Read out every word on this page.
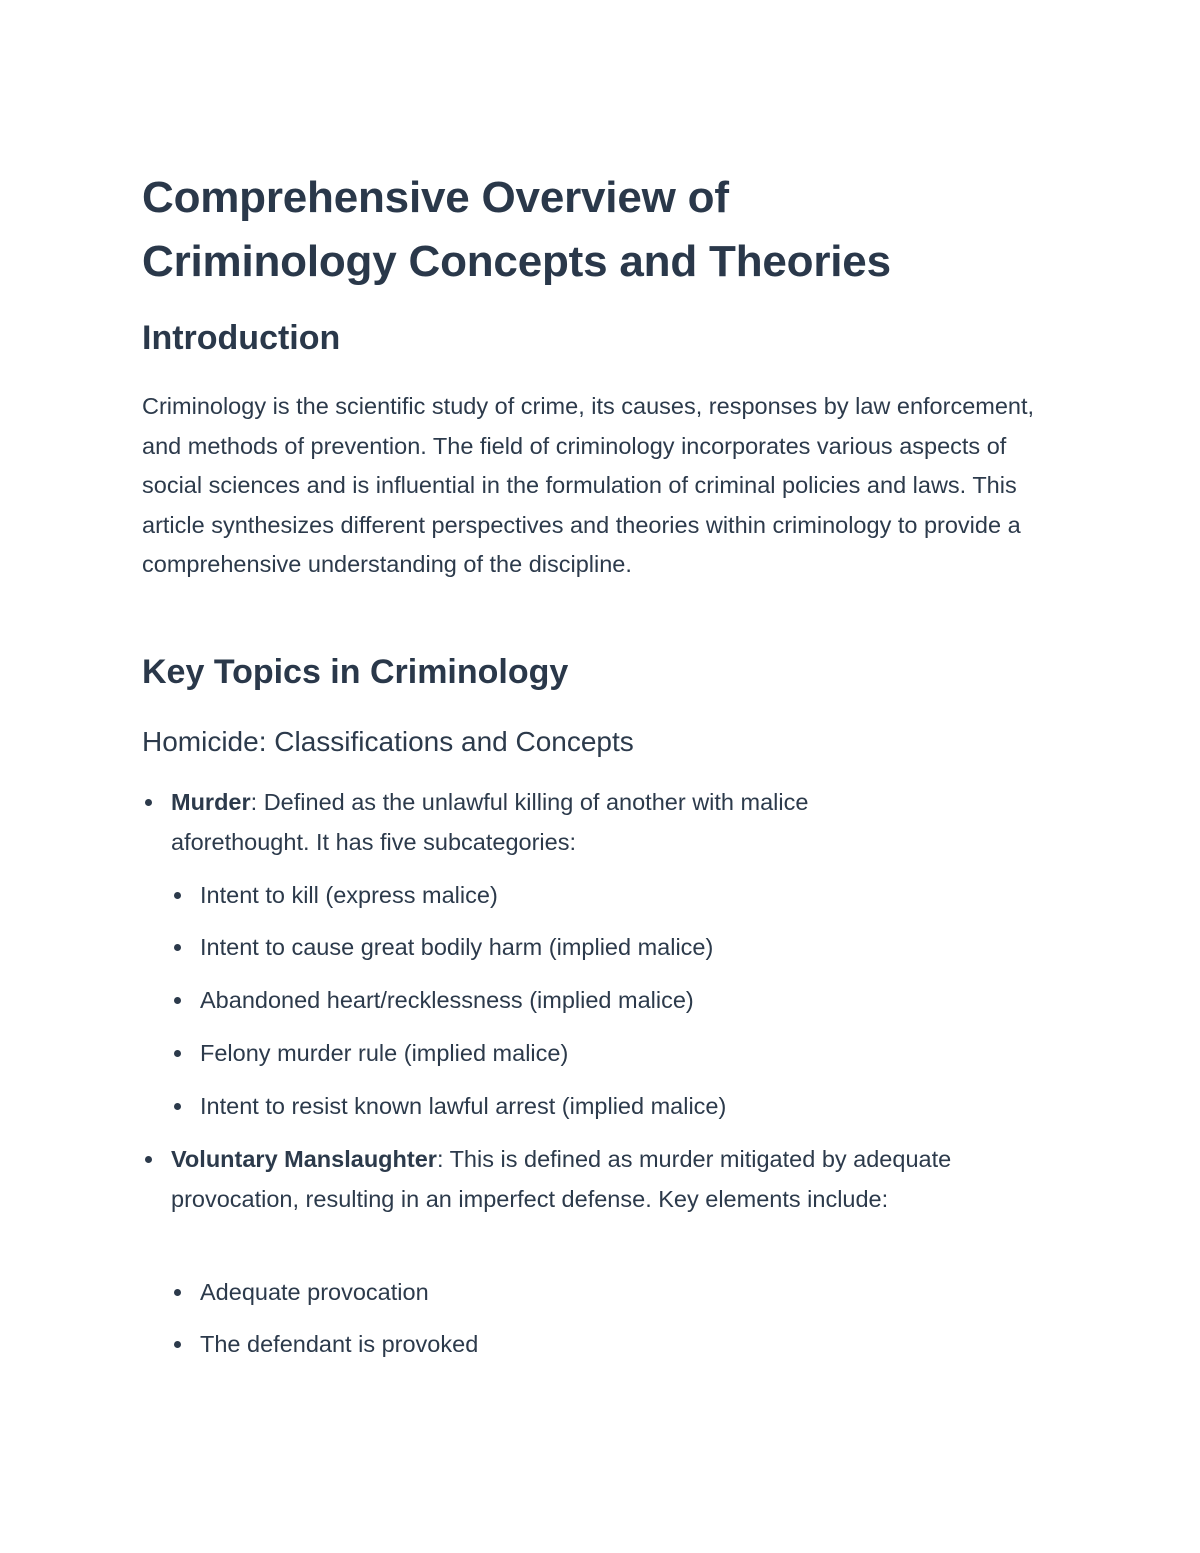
Comprehensive Overview of
Criminology Concepts and Theories
Introduction

Criminology is the scientific study of crime, its causes, responses by law enforcement, and methods of prevention. The field of criminology incorporates various aspects of social sciences and is influential in the formulation of criminal policies and laws. This article synthesizes different perspectives and theories within criminology to provide a comprehensive understanding of the discipline.

Key Topics in Criminology
Homicide: Classifications and Concepts
Murder: Defined as the unlawful killing of another with malice aforethought. It has five subcategories:
Intent to kill (express malice)
Intent to cause great bodily harm (implied malice)
Abandoned heart/recklessness (implied malice)
Felony murder rule (implied malice)
Intent to resist known lawful arrest (implied malice)
Voluntary Manslaughter: This is defined as murder mitigated by adequate provocation, resulting in an imperfect defense. Key elements include:
Adequate provocation
The defendant is provoked
